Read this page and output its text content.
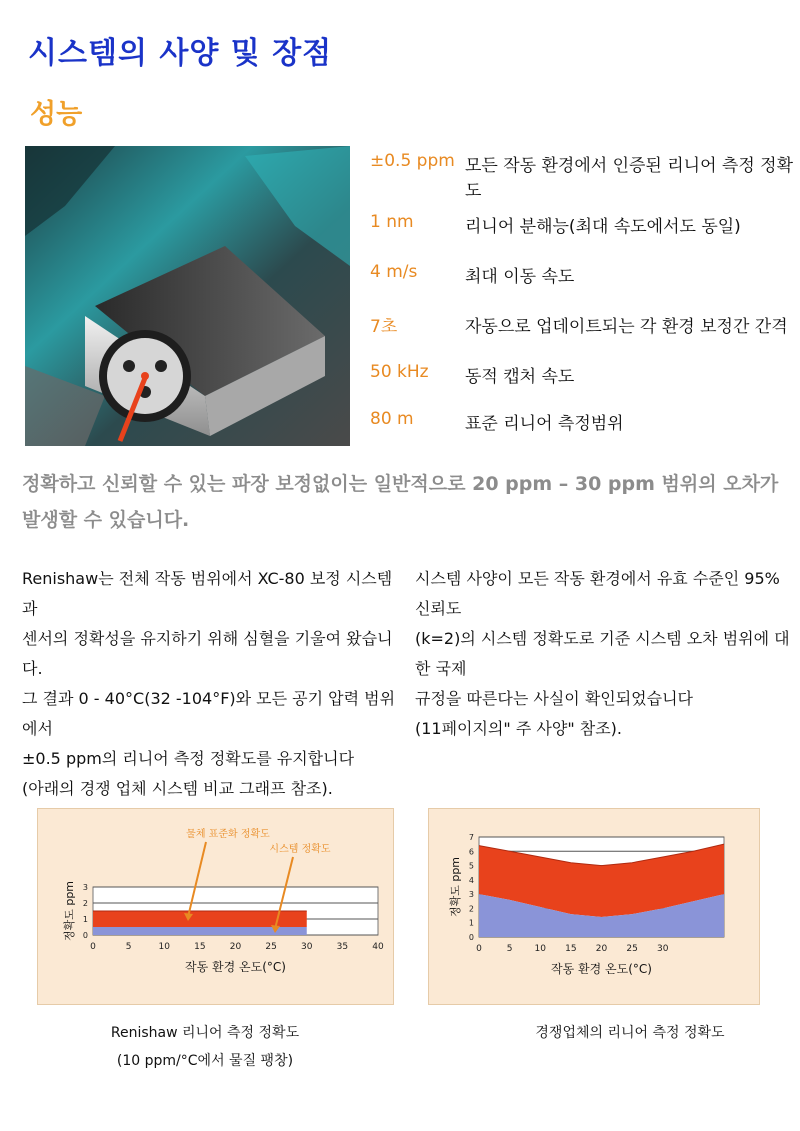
시스템의 사양 및 장점
성능
±0.5 ppm 모든 작동 환경에서 인증된 리니어 측정 정확도
1 nm	리니어 분해능(최대 속도에서도 동일)
4 m/s	최대 이동 속도
7초	자동으로 업데이트되는 각 환경 보정간 간격
50 kHz 동적 캡처 속도
80 m	표준 리니어 측정범위
정확하고 신뢰할 수 있는 파장 보정없이는 일반적으로 20 ppm – 30 ppm 범위의 오차가 발생할 수 있습니다.
Renishaw는 전체 작동 범위에서 XC-80 보정 시스템과
센서의 정확성을 유지하기 위해 심혈을 기울여 왔습니다.
그 결과 0 - 40°C(32 -104°F)와 모든 공기 압력 범위에서
±0.5 ppm의 리니어 측정 정확도를 유지합니다
(아래의 경쟁 업체 시스템 비교 그래프 참조).
시스템 사양이 모든 작동 환경에서 유효 수준인 95% 신뢰도
(k=2)의 시스템 정확도로 기준 시스템 오차 범위에 대한 국제
규정을 따른다는 사실이 확인되었습니다
(11페이지의" 주 사양" 참조).
0
1
2
3
0	5	10	15	20	25	30	35	40
작동 환경 온도(°C)
정확도 ppm
물체 표준화 정확도
시스템 정확도
0
1
2
3
4
5
6
7
0	5 10 15 20 25 30
작동 환경 온도(°C)
정확도 ppm
Renishaw 리니어 측정 정확도
(10 ppm/°C에서 물질 팽창)
경쟁업체의 리니어 측정 정확도
